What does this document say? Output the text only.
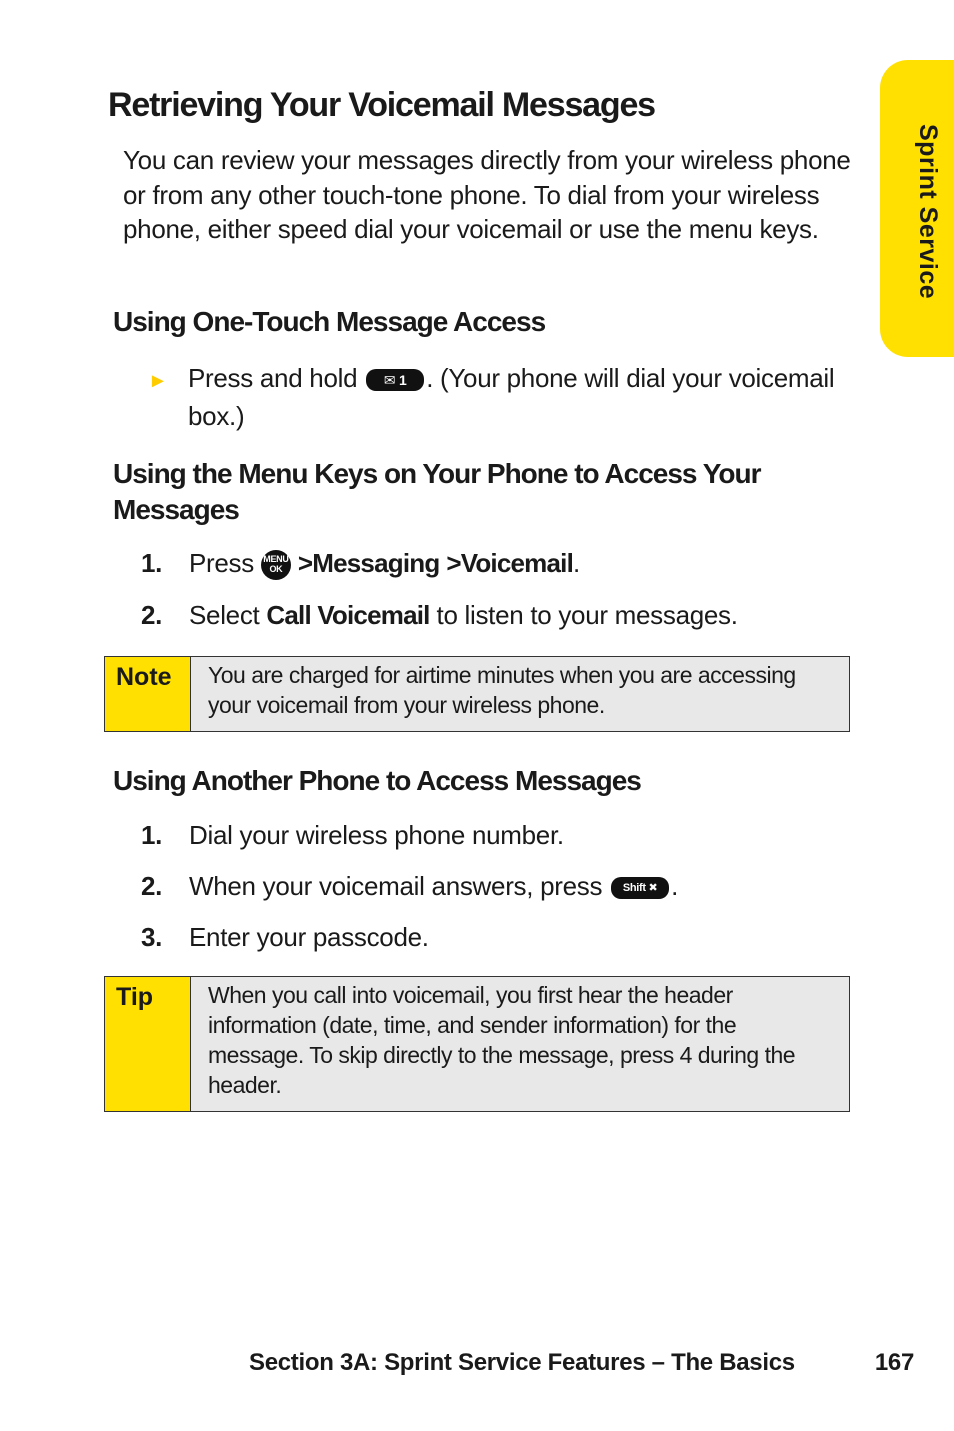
Sprint Service
Retrieving Your Voicemail Messages

You can review your messages directly from your wireless phone or from any other touch-tone phone. To dial from your wireless phone, either speed dial your voicemail or use the menu keys.

Using One-Touch Message Access
► Press and hold ✉ 1 . (Your phone will dial your voicemail box.)
Using the Menu Keys on Your Phone to Access Your Messages
1. Press MENU
OK >Messaging >Voicemail.
2. Select Call Voicemail to listen to your messages.
Note	You are charged for airtime minutes when you are accessing your voicemail from your wireless phone.
Using Another Phone to Access Messages
1. Dial your wireless phone number.
2. When your voicemail answers, press Shift ✖ .
3. Enter your passcode.
Tip	When you call into voicemail, you first hear the header information (date, time, and sender information) for the message. To skip directly to the message, press 4 during the header.
Section 3A: Sprint Service Features – The Basics	167
